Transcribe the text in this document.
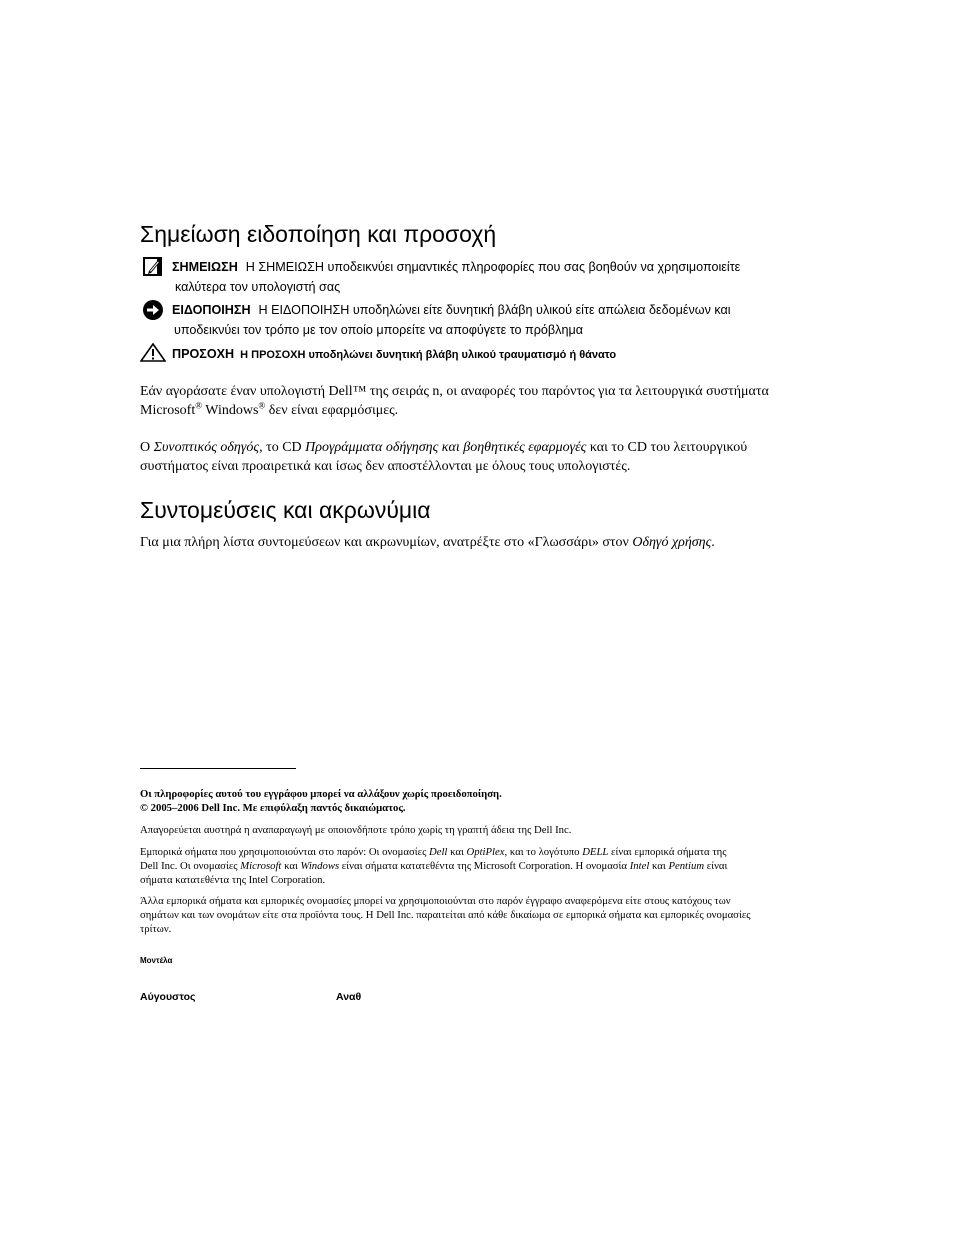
Σημείωση ειδοποίηση και προσοχή
ΣΗΜΕΙΩΣΗ Η ΣΗΜΕΙΩΣΗ υποδεικνύει σημαντικές πληροφορίες που σας βοηθούν να χρησιμοποιείτε
καλύτερα τον υπολογιστή σας
ΕΙΔΟΠΟΙΗΣΗ Η ΕΙΔΟΠΟΙΗΣΗ υποδηλώνει είτε δυνητική βλάβη υλικού είτε απώλεια δεδομένων και
υποδεικνύει τον τρόπο με τον οποίο μπορείτε να αποφύγετε το πρόβλημα
ΠΡΟΣΟΧΗ Η ΠΡΟΣΟΧΗ υποδηλώνει δυνητική βλάβη υλικού τραυματισμό ή θάνατο
Εάν αγοράσατε έναν υπολογιστή Dell™ της σειράς n, οι αναφορές του παρόντος για τα λειτουργικά συστήματα
Microsoft® Windows® δεν είναι εφαρμόσιμες.
Ο Συνοπτικός οδηγός, το CD Προγράμματα οδήγησης και βοηθητικές εφαρμογές και το CD του λειτουργικού
συστήματος είναι προαιρετικά και ίσως δεν αποστέλλονται με όλους τους υπολογιστές.
Συντομεύσεις και ακρωνύμια
Για μια πλήρη λίστα συντομεύσεων και ακρωνυμίων, ανατρέξτε στο «Γλωσσάρι» στον Οδηγό χρήσης.
Οι πληροφορίες αυτού του εγγράφου μπορεί να αλλάξουν χωρίς προειδοποίηση.
© 2005–2006 Dell Inc. Με επιφύλαξη παντός δικαιώματος.
Απαγορεύεται αυστηρά η αναπαραγωγή με οποιονδήποτε τρόπο χωρίς τη γραπτή άδεια της Dell Inc.
Εμπορικά σήματα που χρησιμοποιούνται στο παρόν: Οι ονομασίες Dell και OptiPlex, και το λογότυπο DELL είναι εμπορικά σήματα της
Dell Inc. Οι ονομασίες Microsoft και Windows είναι σήματα κατατεθέντα της Microsoft Corporation. Η ονομασία Intel και Pentium είναι
σήματα κατατεθέντα της Intel Corporation.
Άλλα εμπορικά σήματα και εμπορικές ονομασίες μπορεί να χρησιμοποιούνται στο παρόν έγγραφο αναφερόμενα είτε στους κατόχους των
σημάτων και των ονομάτων είτε στα προϊόντα τους. Η Dell Inc. παραιτείται από κάθε δικαίωμα σε εμπορικά σήματα και εμπορικές ονομασίες
τρίτων.
Μοντέλα
Αύγουστος	Αναθ
